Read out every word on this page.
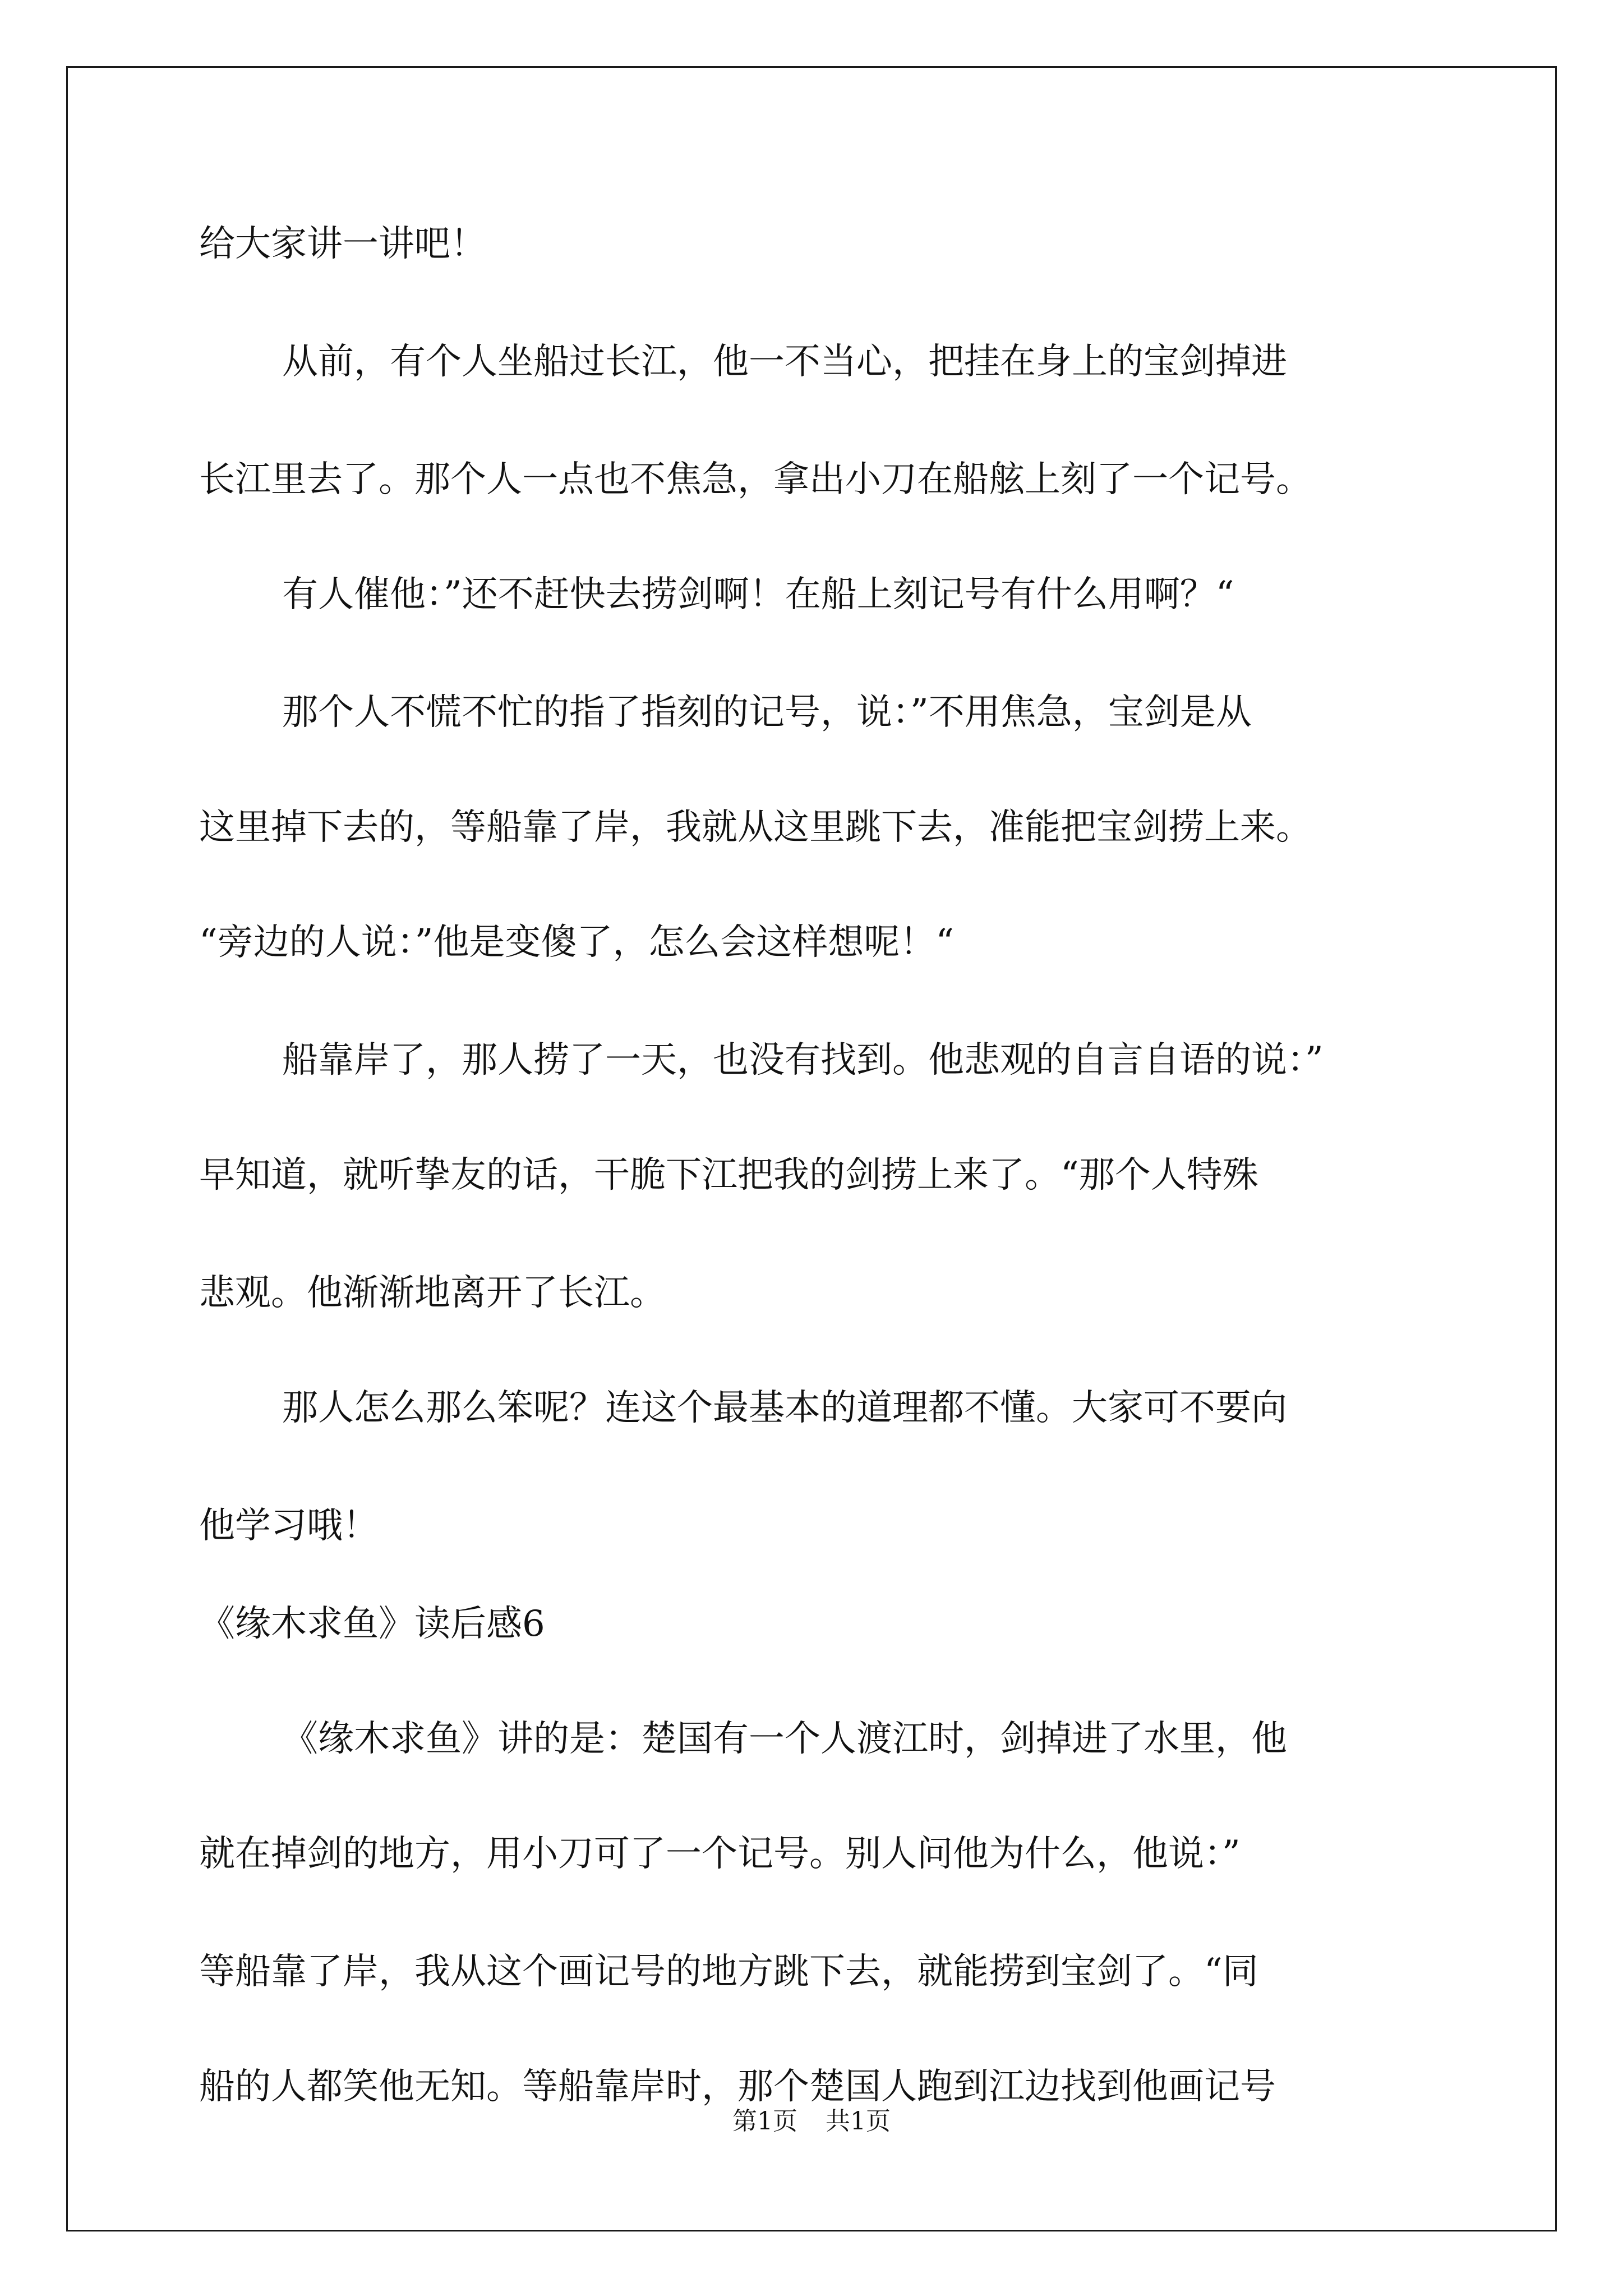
给大家讲一讲吧！
从前，有个人坐船过长江，他一不当心，把挂在身上的宝剑掉进
长江里去了。那个人一点也不焦急，拿出小刀在船舷上刻了一个记号。
有人催他：”还不赶快去捞剑啊！在船上刻记号有什么用啊？“
那个人不慌不忙的指了指刻的记号，说：”不用焦急，宝剑是从
这里掉下去的，等船靠了岸，我就从这里跳下去，准能把宝剑捞上来。
“旁边的人说：”他是变傻了，怎么会这样想呢！“
船靠岸了，那人捞了一天，也没有找到。他悲观的自言自语的说：”
早知道，就听挚友的话，干脆下江把我的剑捞上来了。“那个人特殊
悲观。他渐渐地离开了长江。
那人怎么那么笨呢？连这个最基本的道理都不懂。大家可不要向
他学习哦！
《缘木求鱼》读后感6
《缘木求鱼》讲的是：楚国有一个人渡江时，剑掉进了水里，他
就在掉剑的地方，用小刀可了一个记号。别人问他为什么，他说：”
等船靠了岸，我从这个画记号的地方跳下去，就能捞到宝剑了。“同
船的人都笑他无知。等船靠岸时，那个楚国人跑到江边找到他画记号
第1页 共1页
